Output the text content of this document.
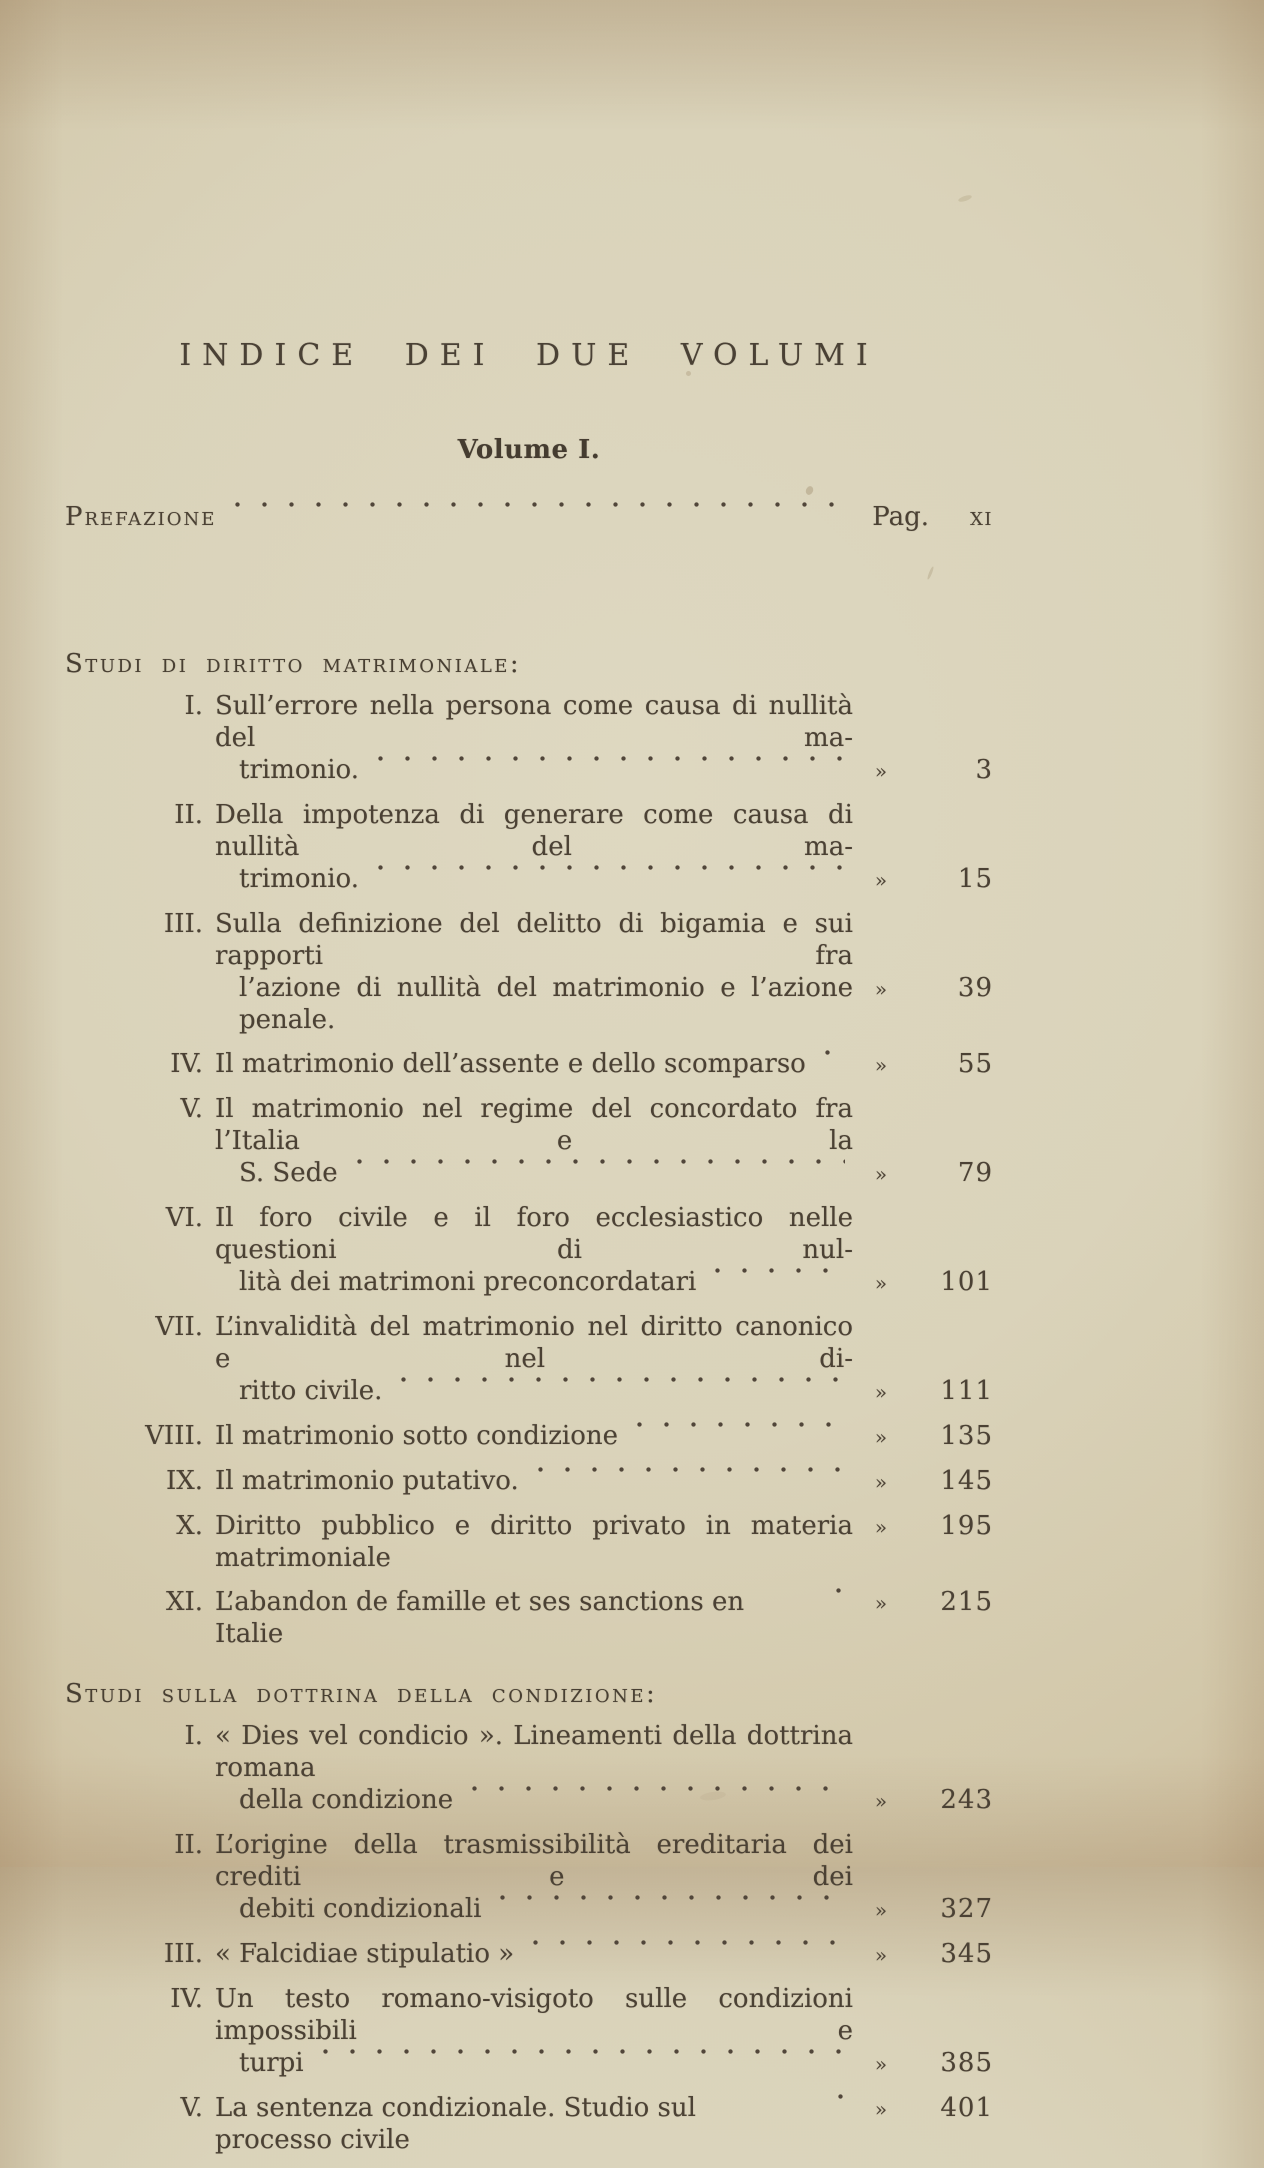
INDICE DEI DUE VOLUMI
Volume I.
Prefazione	Pag.	xi
Studi di diritto matrimoniale:
I. Sull’errore nella persona come causa di nullità del ma-
trimonio.	»	3
II. Della impotenza di generare come causa di nullità del ma-
trimonio.	»	15
III. Sulla definizione del delitto di bigamia e sui rapporti fra
l’azione di nullità del matrimonio e l’azione penale.
»	39
IV. Il matrimonio dell’assente e dello scomparso	»	55
V. Il matrimonio nel regime del concordato fra l’Italia e la
S. Sede	»	79
VI. Il foro civile e il foro ecclesiastico nelle questioni di nul-
lità dei matrimoni preconcordatari	»	101
VII. L’invalidità del matrimonio nel diritto canonico e nel di-
ritto civile.	»	111
VIII. Il matrimonio sotto condizione	»	135
IX. Il matrimonio putativo.	»	145
X. Diritto pubblico e diritto privato in materia matrimoniale
»	195
XI. L’abandon de famille et ses sanctions en Italie
»	215
Studi sulla dottrina della condizione:
I. « Dies vel condicio ». Lineamenti della dottrina romana
della condizione	»	243
II. L’origine della trasmissibilità ereditaria dei crediti e dei
debiti condizionali	»	327
III. « Falcidiae stipulatio »	»	345
IV. Un testo romano-visigoto sulle condizioni impossibili e
turpi	»	385
V. La sentenza condizionale. Studio sul processo civile
»	401
